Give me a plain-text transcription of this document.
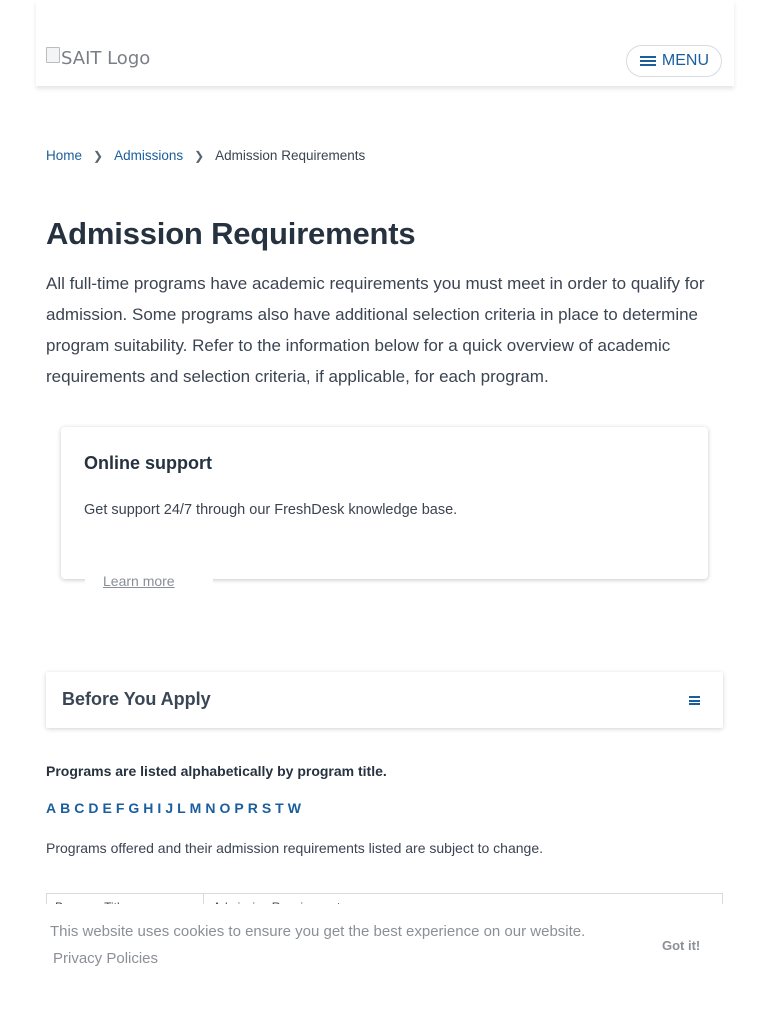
SAIT Logo	MENU
Home ❯ Admissions ❯ Admission Requirements
Admission Requirements

All full-time programs have academic requirements you must meet in order to qualify for admission. Some programs also have additional selection criteria in place to determine program suitability. Refer to the information below for a quick overview of academic requirements and selection criteria, if applicable, for each program.

Online support
Get support 24/7 through our FreshDesk knowledge base.
Learn more
Before You Apply
Programs are listed alphabetically by program title.
A B C D E F G H I J L M N O P R S T W
Programs offered and their admission requirements listed are subject to change.
This website uses cookies to ensure you get the best experience on our website.
Privacy Policies
Got it!
